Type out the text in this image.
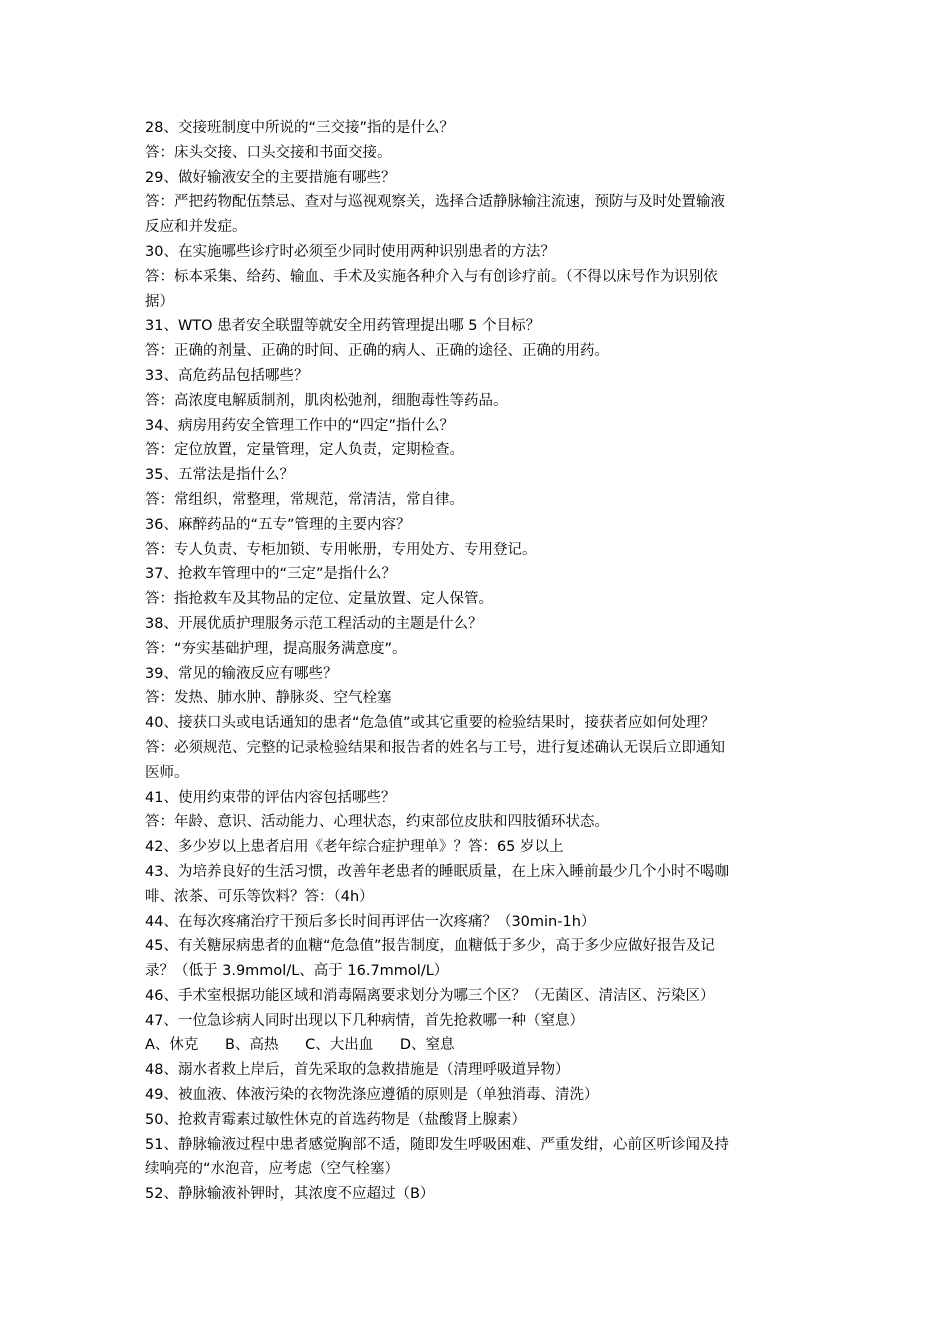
28、交接班制度中所说的“三交接”指的是什么？
答：床头交接、口头交接和书面交接。
29、做好输液安全的主要措施有哪些？
答：严把药物配伍禁忌、查对与巡视观察关，选择合适静脉输注流速，预防与及时处置输液
反应和并发症。
30、在实施哪些诊疗时必须至少同时使用两种识别患者的方法？
答：标本采集、给药、输血、手术及实施各种介入与有创诊疗前。（不得以床号作为识别依
据）
31、WTO 患者安全联盟等就安全用药管理提出哪 5 个目标？
答：正确的剂量、正确的时间、正确的病人、正确的途径、正确的用药。
33、高危药品包括哪些？
答：高浓度电解质制剂，肌肉松弛剂，细胞毒性等药品。
34、病房用药安全管理工作中的“四定”指什么？
答：定位放置，定量管理，定人负责，定期检查。
35、五常法是指什么？
答：常组织，常整理，常规范，常清洁，常自律。
36、麻醉药品的“五专”管理的主要内容？
答：专人负责、专柜加锁、专用帐册，专用处方、专用登记。
37、抢救车管理中的“三定”是指什么？
答：指抢救车及其物品的定位、定量放置、定人保管。
38、开展优质护理服务示范工程活动的主题是什么？
答：“夯实基础护理，提高服务满意度”。
39、常见的输液反应有哪些？
答：发热、肺水肿、静脉炎、空气栓塞
40、接获口头或电话通知的患者“危急值”或其它重要的检验结果时，接获者应如何处理？
答：必须规范、完整的记录检验结果和报告者的姓名与工号，进行复述确认无误后立即通知
医师。
41、使用约束带的评估内容包括哪些？
答：年龄、意识、活动能力、心理状态，约束部位皮肤和四肢循环状态。
42、多少岁以上患者启用《老年综合症护理单》？答：65 岁以上
43、为培养良好的生活习惯，改善年老患者的睡眠质量，在上床入睡前最少几个小时不喝咖
啡、浓茶、可乐等饮料？答：（4h）
44、在每次疼痛治疗干预后多长时间再评估一次疼痛？（30min-1h）
45、有关糖尿病患者的血糖“危急值”报告制度，血糖低于多少，高于多少应做好报告及记
录？（低于 3.9mmol/L、高于 16.7mmol/L）
46、手术室根据功能区域和消毒隔离要求划分为哪三个区？（无菌区、清洁区、污染区）
47、一位急诊病人同时出现以下几种病情，首先抢救哪一种（窒息）
A、休克 B、高热 C、大出血 D、窒息
48、溺水者救上岸后，首先采取的急救措施是（清理呼吸道异物）
49、被血液、体液污染的衣物洗涤应遵循的原则是（单独消毒、清洗）
50、抢救青霉素过敏性休克的首选药物是（盐酸肾上腺素）
51、静脉输液过程中患者感觉胸部不适，随即发生呼吸困难、严重发绀，心前区听诊闻及持
续响亮的“水泡音，应考虑（空气栓塞）
52、静脉输液补钾时，其浓度不应超过（B）
